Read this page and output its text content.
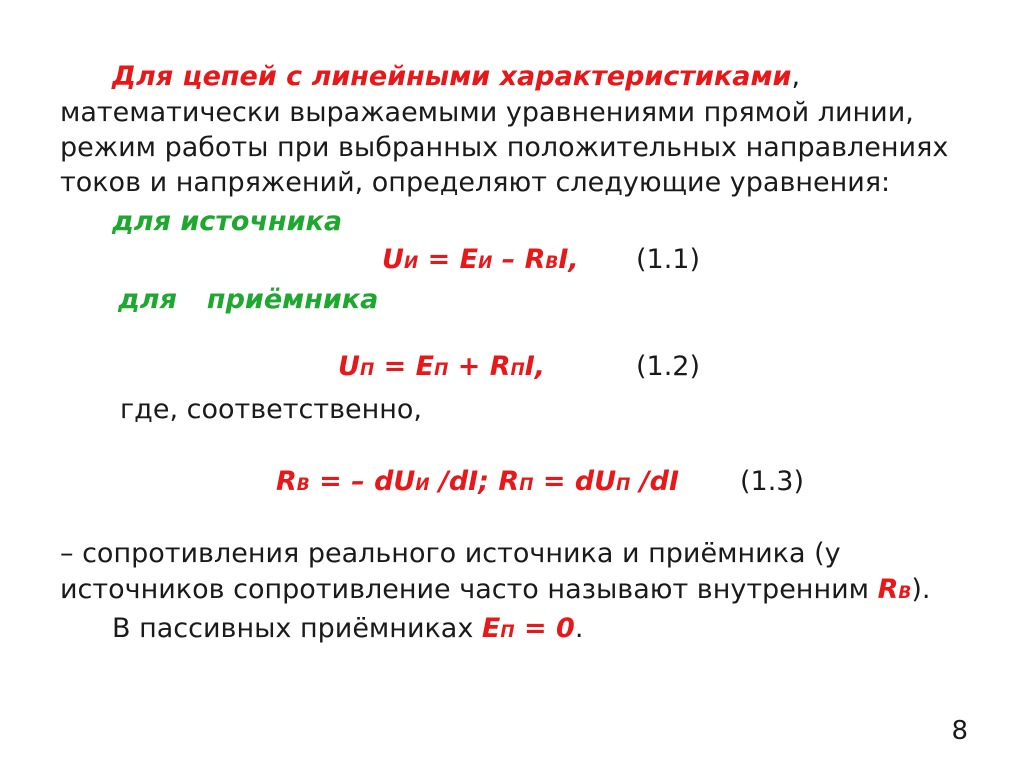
Для цепей с линейными характеристиками,
математически выражаемыми уравнениями прямой линии,
режим работы при выбранных положительных направлениях
токов и напряжений, определяют следующие уравнения:
для источника
UИ = EИ – RВI, (1.1)
для приёмника
UП = EП + RПI,	(1.2)
где, соответственно,
RВ = – dUИ /dI; RП = dUП /dI (1.3)
– сопротивления реального источника и приёмника (у
источников сопротивление часто называют внутренним RВ).
В пассивных приёмниках EП = 0.
8
